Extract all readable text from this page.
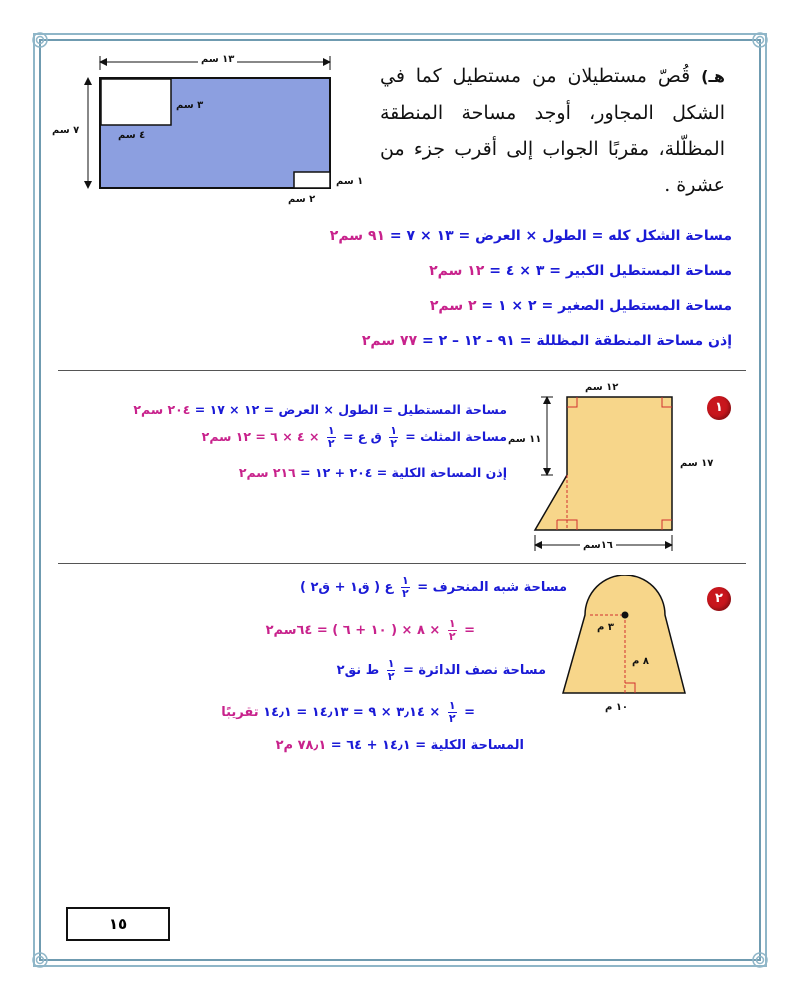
هـ) قُصّ مستطيلان من مستطيل كما في الشكل المجاور، أوجد مساحة المنطقة المظلّلة، مقربًا الجواب إلى أقرب جزء من عشرة .
١٣ سم
٧ سم
٣ سم
٤ سم
١ سم
٢ سم
مساحة الشكل كله = الطول × العرض = ١٣ × ٧ = ٩١ سم٢
مساحة المستطيل الكبير = ٣ × ٤ = ١٢ سم٢
مساحة المستطيل الصغير = ٢ × ١ = ٢ سم٢
إذن مساحة المنطقة المظللة = ٩١ – ١٢ – ٢ = ٧٧ سم٢
١
١٢ سم
١١ سم
١٧ سم
١٦سم
مساحة المستطيل = الطول × العرض = ١٢ × ١٧ = ٢٠٤ سم٢
مساحة المثلث =
$\frac{١}{٢}$
ق ع =
$\frac{١}{٢}$
× ٤ × ٦ = ١٢ سم٢
إذن المساحة الكلية = ٢٠٤ + ١٢ = ٢١٦ سم٢
٢
٣ م
٨ م
١٠ م
مساحة شبه المنحرف =
$\frac{١}{٢}$
ع ( ق١ + ق٢ )
=
$\frac{١}{٢}$
× ٨ × ( ١٠ + ٦ ) = ٦٤سم٢
مساحة نصف الدائرة =
$\frac{١}{٢}$
ط نق٢
=
$\frac{١}{٢}$
× ٣٫١٤ × ٩ = ١٤٫١٣ = ١٤٫١ تقريبًا
المساحة الكلية = ١٤٫١ + ٦٤ = ٧٨٫١ م٢
١٥
